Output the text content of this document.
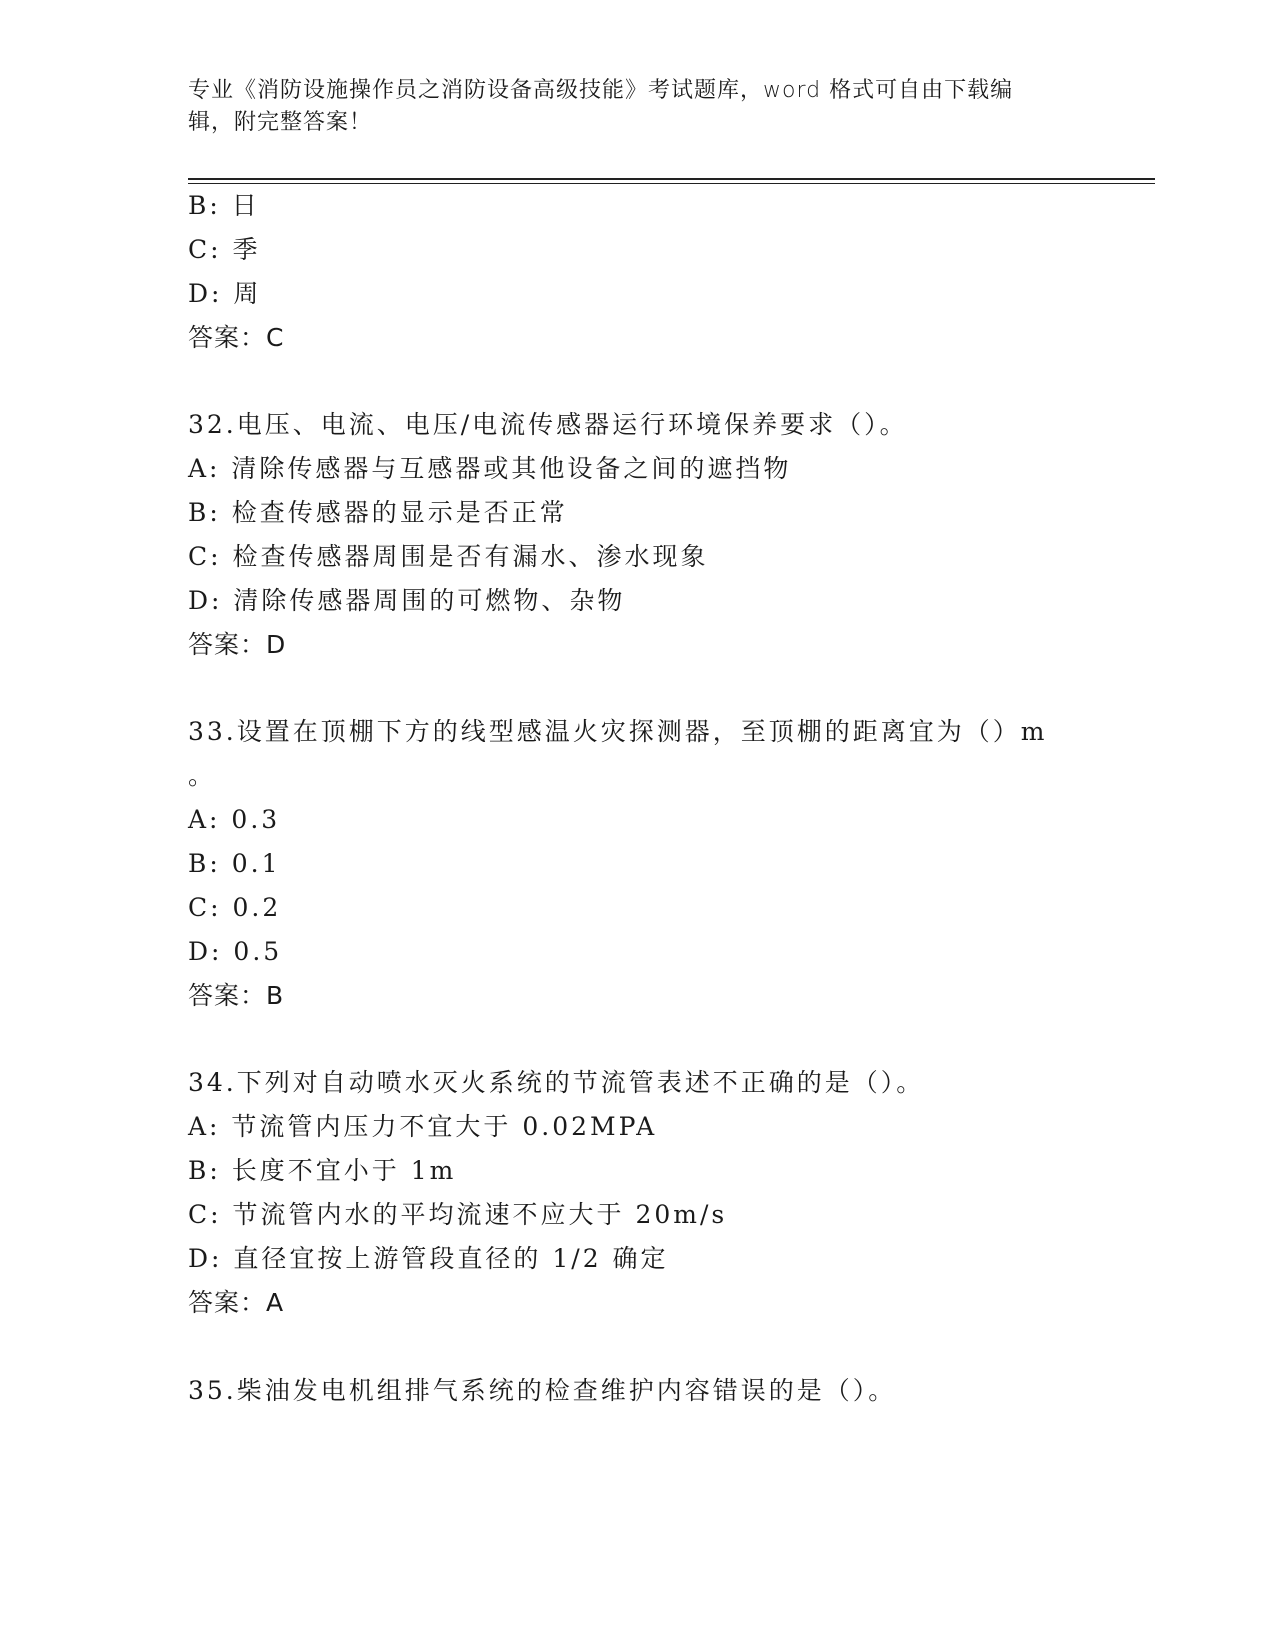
专业《消防设施操作员之消防设备高级技能》考试题库，word 格式可自由下载编
辑，附完整答案！
B: 日
C: 季
D: 周
答案：C
32.电压、电流、电压/电流传感器运行环境保养要求（）。
A: 清除传感器与互感器或其他设备之间的遮挡物
B: 检查传感器的显示是否正常
C: 检查传感器周围是否有漏水、渗水现象
D: 清除传感器周围的可燃物、杂物
答案：D
33.设置在顶棚下方的线型感温火灾探测器，至顶棚的距离宜为（）m
。
A: 0.3
B: 0.1
C: 0.2
D: 0.5
答案：B
34.下列对自动喷水灭火系统的节流管表述不正确的是（）。
A: 节流管内压力不宜大于 0.02MPA
B: 长度不宜小于 1m
C: 节流管内水的平均流速不应大于 20m/s
D: 直径宜按上游管段直径的 1/2 确定
答案：A
35.柴油发电机组排气系统的检查维护内容错误的是（）。
